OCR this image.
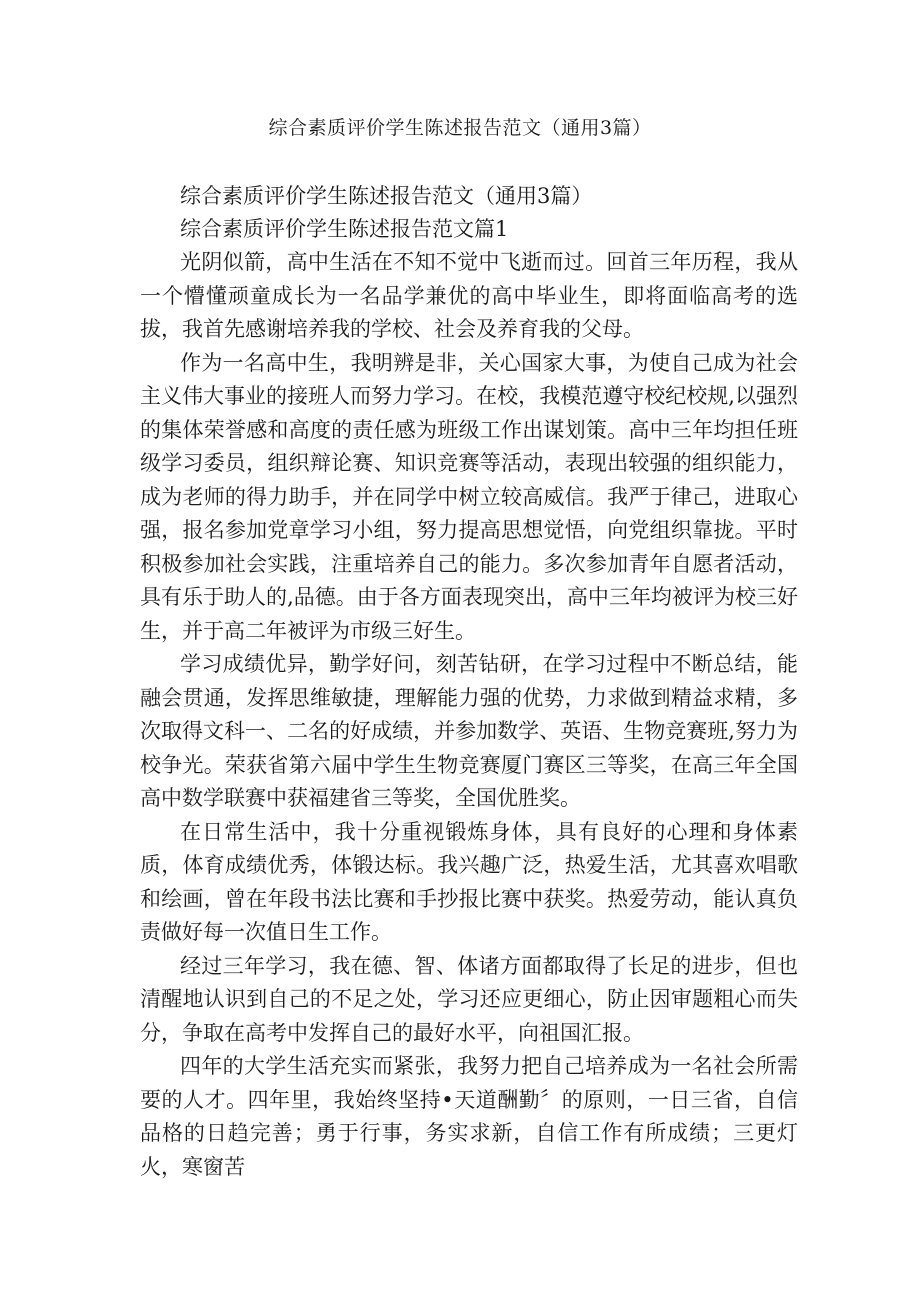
综合素质评价学生陈述报告范文（通用3篇）

综合素质评价学生陈述报告范文（通用3篇）

综合素质评价学生陈述报告范文篇1

光阴似箭，高中生活在不知不觉中飞逝而过。回首三年历程，我从一个懵懂顽童成长为一名品学兼优的高中毕业生，即将面临高考的选拔，我首先感谢培养我的学校、社会及养育我的父母。

作为一名高中生，我明辨是非，关心国家大事，为使自己成为社会主义伟大事业的接班人而努力学习。在校，我模范遵守校纪校规,以强烈的集体荣誉感和高度的责任感为班级工作出谋划策。高中三年均担任班级学习委员，组织辩论赛、知识竞赛等活动，表现出较强的组织能力，成为老师的得力助手，并在同学中树立较高威信。我严于律己，进取心强，报名参加党章学习小组，努力提高思想觉悟，向党组织靠拢。平时积极参加社会实践，注重培养自己的能力。多次参加青年自愿者活动，具有乐于助人的,品德。由于各方面表现突出，高中三年均被评为校三好生，并于高二年被评为市级三好生。

学习成绩优异，勤学好问，刻苦钻研，在学习过程中不断总结，能融会贯通，发挥思维敏捷，理解能力强的优势，力求做到精益求精，多次取得文科一、二名的好成绩，并参加数学、英语、生物竞赛班,努力为校争光。荣获省第六届中学生生物竞赛厦门赛区三等奖，在高三年全国高中数学联赛中获福建省三等奖，全国优胜奖。

在日常生活中，我十分重视锻炼身体，具有良好的心理和身体素质，体育成绩优秀，体锻达标。我兴趣广泛，热爱生活，尤其喜欢唱歌和绘画，曾在年段书法比赛和手抄报比赛中获奖。热爱劳动，能认真负责做好每一次值日生工作。

经过三年学习，我在德、智、体诸方面都取得了长足的进步，但也清醒地认识到自己的不足之处，学习还应更细心，防止因审题粗心而失分，争取在高考中发挥自己的最好水平，向祖国汇报。

四年的大学生活充实而紧张，我努力把自己培养成为一名社会所需要的人才。四年里，我始终坚持•天道酬勤〞的原则，一日三省，自信品格的日趋完善；勇于行事，务实求新，自信工作有所成绩；三更灯火，寒窗苦
